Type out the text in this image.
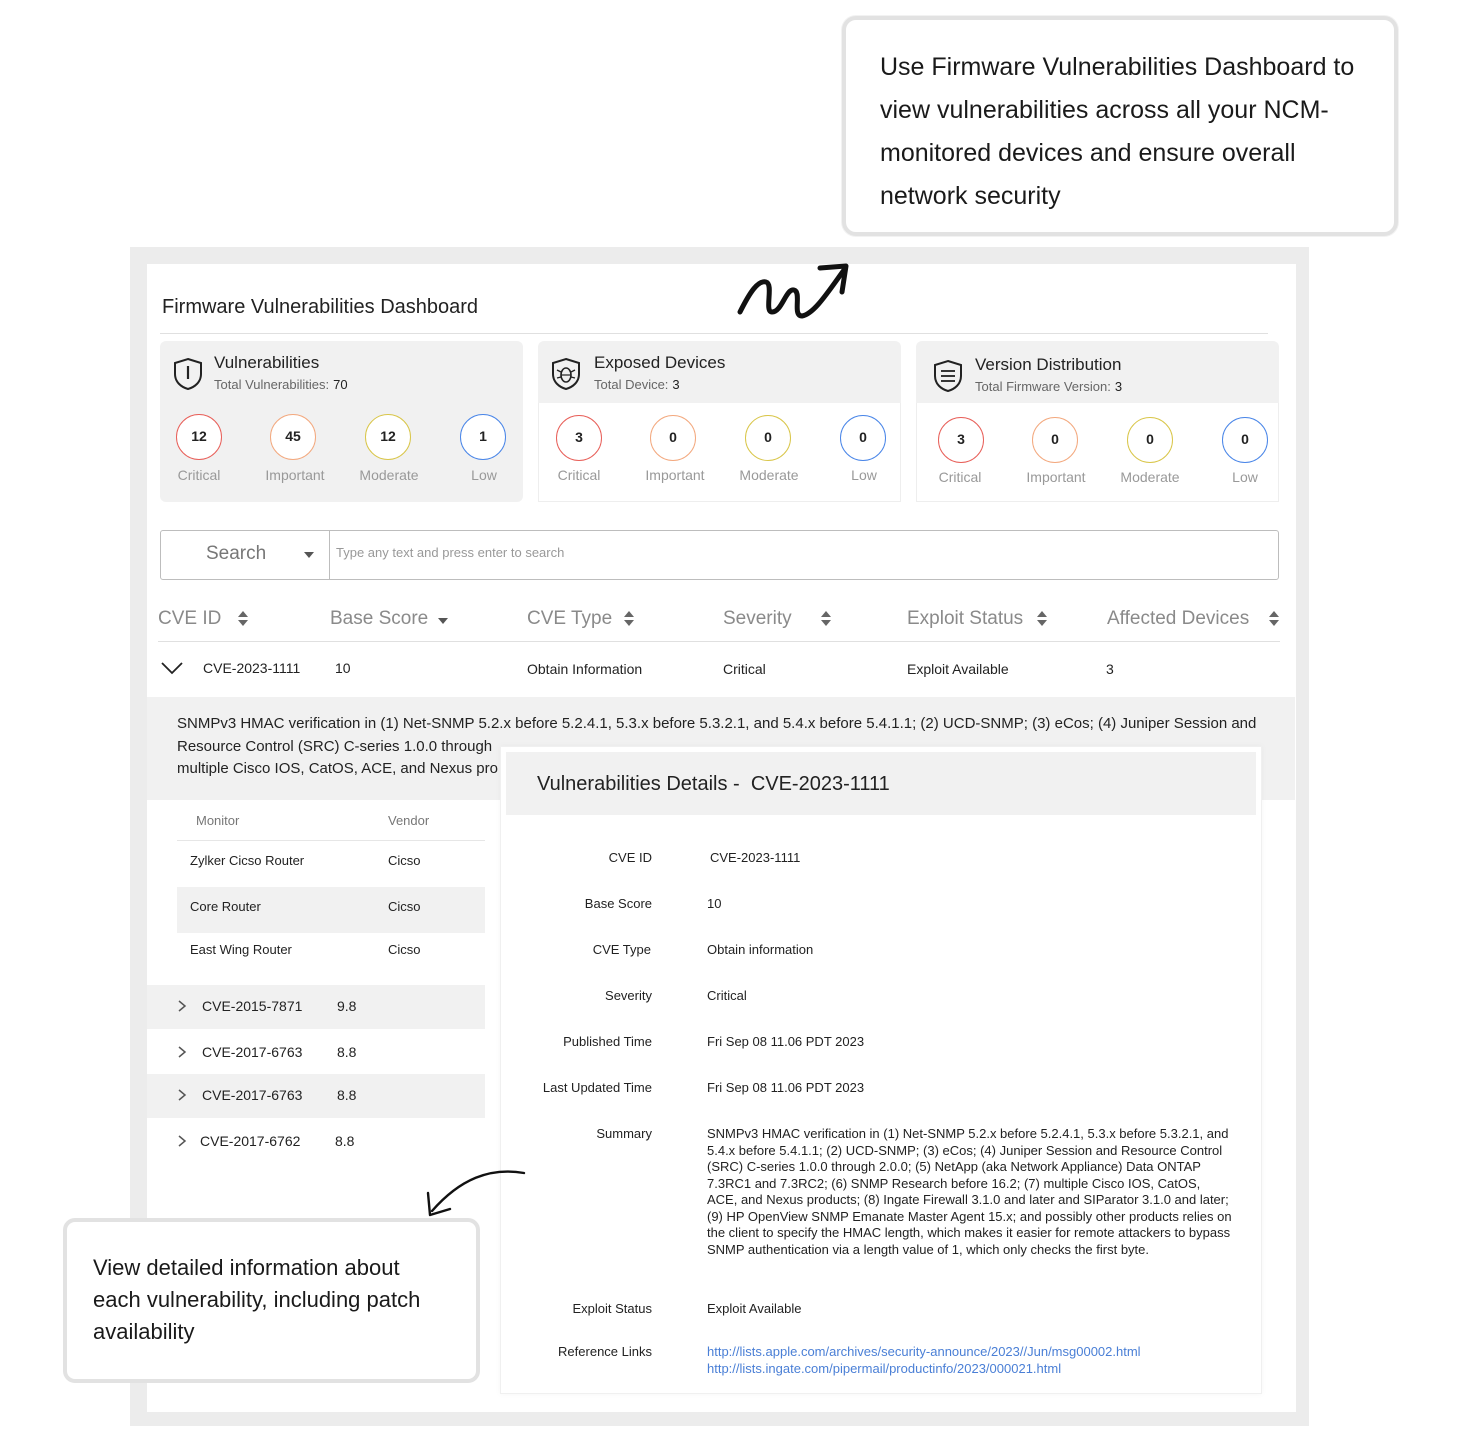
Use Firmware Vulnerabilities Dashboard to view vulnerabilities across all your NCM-monitored devices and ensure overall network security

Firmware Vulnerabilities Dashboard
Vulnerabilities
Total Vulnerabilities: 70
12	45	12	1
Critical	Important	Moderate	Low
Exposed Devices
Total Device: 3
3	0	0	0
Critical	Important	Moderate	Low
Version Distribution
Total Firmware Version: 3
3	0	0	0
Critical	Important	Moderate	Low
Search
Type any text and press enter to search
CVE ID	Base Score	CVE Type	Severity	Exploit Status	Affected Devices
CVE-2023-1111 10	Obtain Information	Critical	Exploit Available	3
SNMPv3 HMAC verification in (1) Net-SNMP 5.2.x before 5.2.4.1, 5.3.x before 5.3.2.1, and 5.4.x before 5.4.1.1; (2) UCD-SNMP; (3) eCos; (4) Juniper Session and
Resource Control (SRC) C-series 1.0.0 through
multiple Cisco IOS, CatOS, ACE, and Nexus pro
Monitor	Vendor
Zylker Cicso Router	Cicso
Core Router	Cicso
East Wing Router	Cicso
CVE-2015-7871 9.8
CVE-2017-6763 8.8
CVE-2017-6763 8.8
CVE-2017-6762 8.8
Vulnerabilities Details - CVE-2023-1111
CVE ID	CVE-2023-1111
Base Score	10
CVE Type	Obtain information
Severity	Critical
Published Time	Fri Sep 08 11.06 PDT 2023
Last Updated Time	Fri Sep 08 11.06 PDT 2023
Summary	SNMPv3 HMAC verification in (1) Net-SNMP 5.2.x before 5.2.4.1, 5.3.x before 5.3.2.1, and 5.4.x before 5.4.1.1; (2) UCD-SNMP; (3) eCos; (4) Juniper Session and Resource Control (SRC) C-series 1.0.0 through 2.0.0; (5) NetApp (aka Network Appliance) Data ONTAP 7.3RC1 and 7.3RC2; (6) SNMP Research before 16.2; (7) multiple Cisco IOS, CatOS, ACE, and Nexus products; (8) Ingate Firewall 3.1.0 and later and SIParator 3.1.0 and later; (9) HP OpenView SNMP Emanate Master Agent 15.x; and possibly other products relies on the client to specify the HMAC length, which makes it easier for remote attackers to bypass SNMP authentication via a length value of 1, which only checks the first byte.
Exploit Status	Exploit Available
Reference Links	http://lists.apple.com/archives/security-announce/2023//Jun/msg00002.html
http://lists.ingate.com/pipermail/productinfo/2023/000021.html

View detailed information about each vulnerability, including patch availability
